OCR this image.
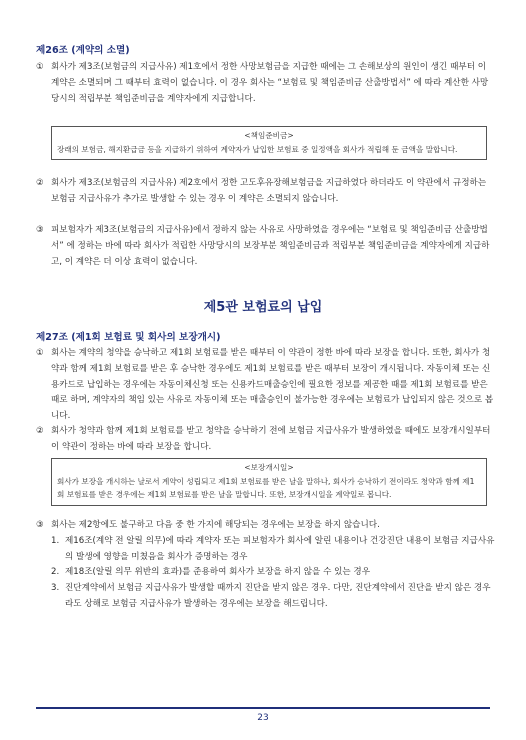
제26조 (계약의 소멸)
① 회사가 제3조(보험금의 지급사유) 제1호에서 정한 사망보험금을 지급한 때에는 그 손해보상의 원인이 생긴 때부터 이 계약은 소멸되며 그 때부터 효력이 없습니다. 이 경우 회사는 “보험료 및 책임준비금 산출방법서” 에 따라 계산한 사망당시의 적립부분 책임준비금을 계약자에게 지급합니다.
<책임준비금>
장래의 보험금, 해지환급금 등을 지급하기 위하여 계약자가 납입한 보험료 중 일정액을 회사가 적립해 둔 금액을 말합니다.
② 회사가 제3조(보험금의 지급사유) 제2호에서 정한 고도후유장해보험금을 지급하였다 하더라도 이 약관에서 규정하는 보험금 지급사유가 추가로 발생할 수 있는 경우 이 계약은 소멸되지 않습니다.
③ 피보험자가 제3조(보험금의 지급사유)에서 정하지 않는 사유로 사망하였을 경우에는 “보험료 및 책임준비금 산출방법서” 에 정하는 바에 따라 회사가 적립한 사망당시의 보장부분 책임준비금과 적립부분 책임준비금을 계약자에게 지급하고, 이 계약은 더 이상 효력이 없습니다.
제5관 보험료의 납입
제27조 (제1회 보험료 및 회사의 보장개시)
① 회사는 계약의 청약을 승낙하고 제1회 보험료를 받은 때부터 이 약관이 정한 바에 따라 보장을 합니다. 또한, 회사가 청약과 함께 제1회 보험료를 받은 후 승낙한 경우에도 제1회 보험료를 받은 때부터 보장이 개시됩니다. 자동이체 또는 신용카드로 납입하는 경우에는 자동이체신청 또는 신용카드매출승인에 필요한 정보를 제공한 때를 제1회 보험료를 받은 때로 하며, 계약자의 책임 있는 사유로 자동이체 또는 매출승인이 불가능한 경우에는 보험료가 납입되지 않은 것으로 봅니다.
② 회사가 청약과 함께 제1회 보험료를 받고 청약을 승낙하기 전에 보험금 지급사유가 발생하였을 때에도 보장개시일부터 이 약관이 정하는 바에 따라 보장을 합니다.
<보장개시일>
회사가 보장을 개시하는 날로서 계약이 성립되고 제1회 보험료를 받은 날을 말하나, 회사가 승낙하기 전이라도 청약과 함께 제1회 보험료를 받은 경우에는 제1회 보험료를 받은 날을 말합니다. 또한, 보장개시일을 계약일로 봅니다.
③ 회사는 제2항에도 불구하고 다음 중 한 가지에 해당되는 경우에는 보장을 하지 않습니다.
1. 제16조(계약 전 알릴 의무)에 따라 계약자 또는 피보험자가 회사에 알린 내용이나 건강진단 내용이 보험금 지급사유의 발생에 영향을 미쳤음을 회사가 증명하는 경우
2. 제18조(알릴 의무 위반의 효과)를 준용하여 회사가 보장을 하지 않을 수 있는 경우
3. 진단계약에서 보험금 지급사유가 발생할 때까지 진단을 받지 않은 경우. 다만, 진단계약에서 진단을 받지 않은 경우라도 상해로 보험금 지급사유가 발생하는 경우에는 보장을 해드립니다.
23
